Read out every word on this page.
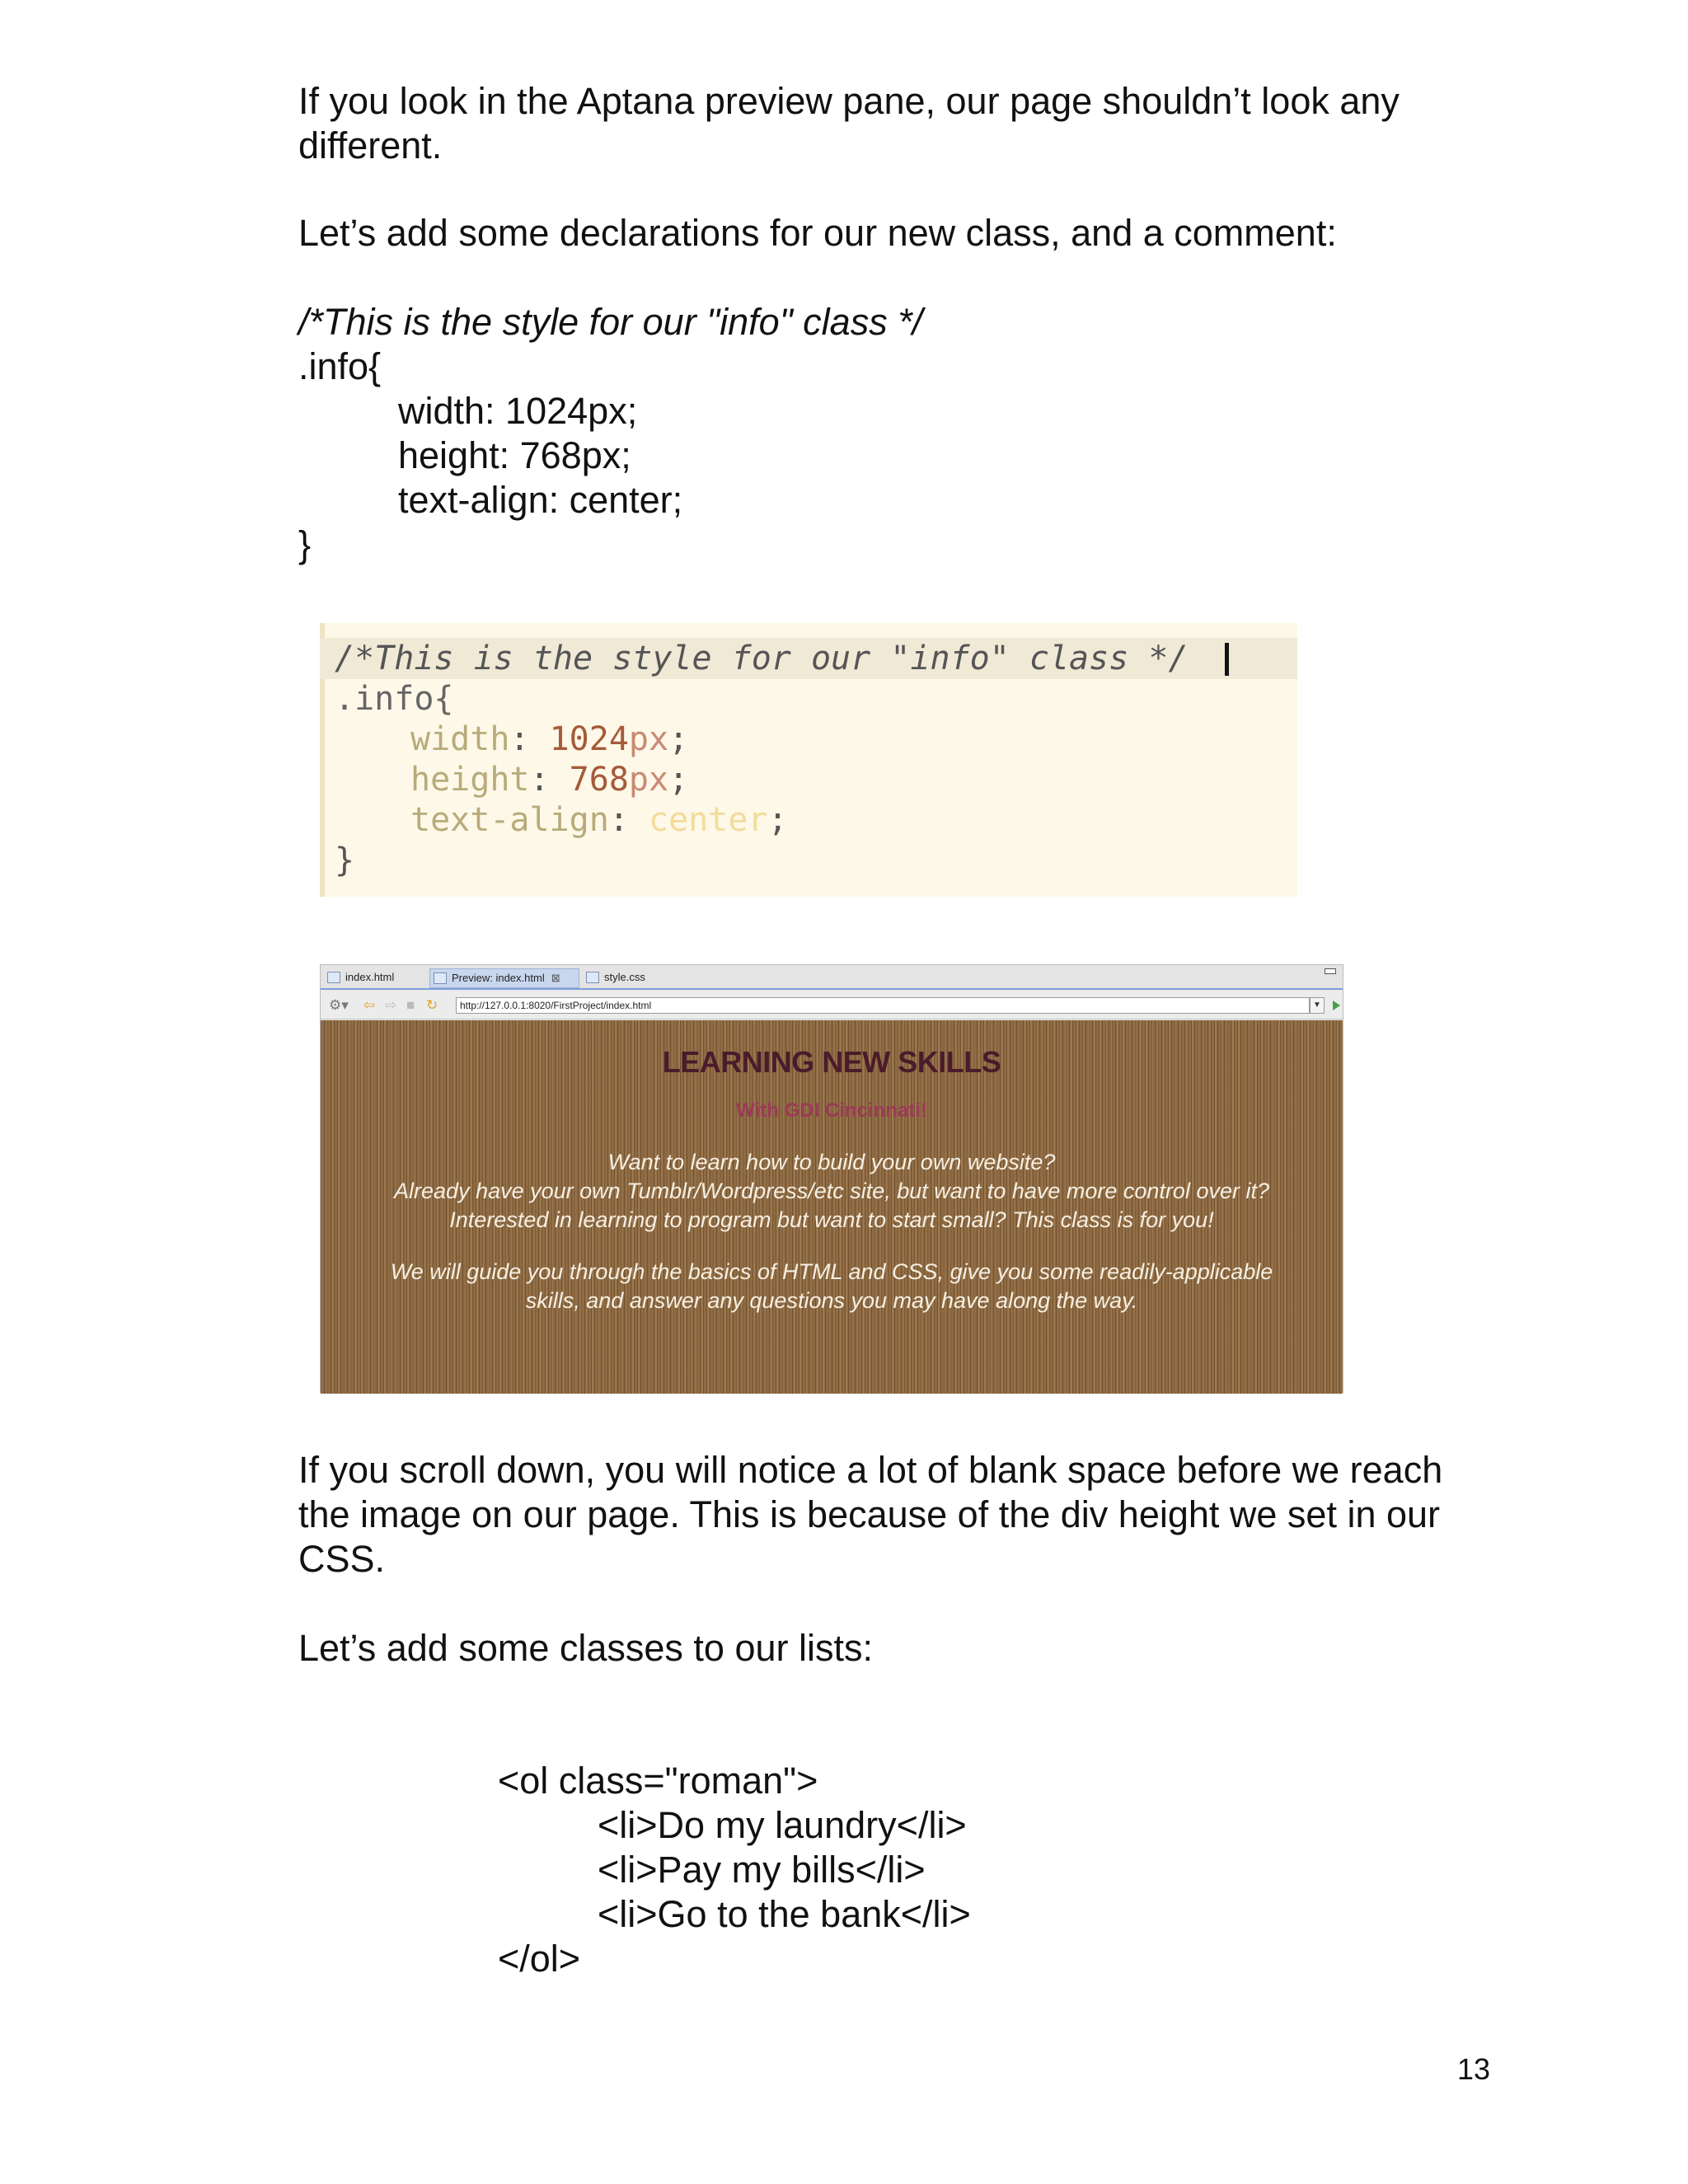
If you look in the Aptana preview pane, our page shouldn’t look any
different.
Let’s add some declarations for our new class, and a comment:
/*This is the style for our "info" class */
.info{
width: 1024px;
height: 768px;
text-align: center;
}
/*This is the style for our "info" class */
.info{
width: 1024px;
height: 768px;
text-align: center;
}
index.html	Preview: index.html ⊠	style.css
⚙▾ ⇦ ⇨ ■ ↻	http://127.0.0.1:8020/FirstProject/index.html	▼
LEARNING NEW SKILLS
With GDI Cincinnati!
Want to learn how to build your own website?
Already have your own Tumblr/Wordpress/etc site, but want to have more control over it?
Interested in learning to program but want to start small? This class is for you!
We will guide you through the basics of HTML and CSS, give you some readily-applicable
skills, and answer any questions you may have along the way.
If you scroll down, you will notice a lot of blank space before we reach
the image on our page. This is because of the div height we set in our
CSS.
Let’s add some classes to our lists:
<ol class="roman">
<li>Do my laundry</li>
<li>Pay my bills</li>
<li>Go to the bank</li>
</ol>
13
